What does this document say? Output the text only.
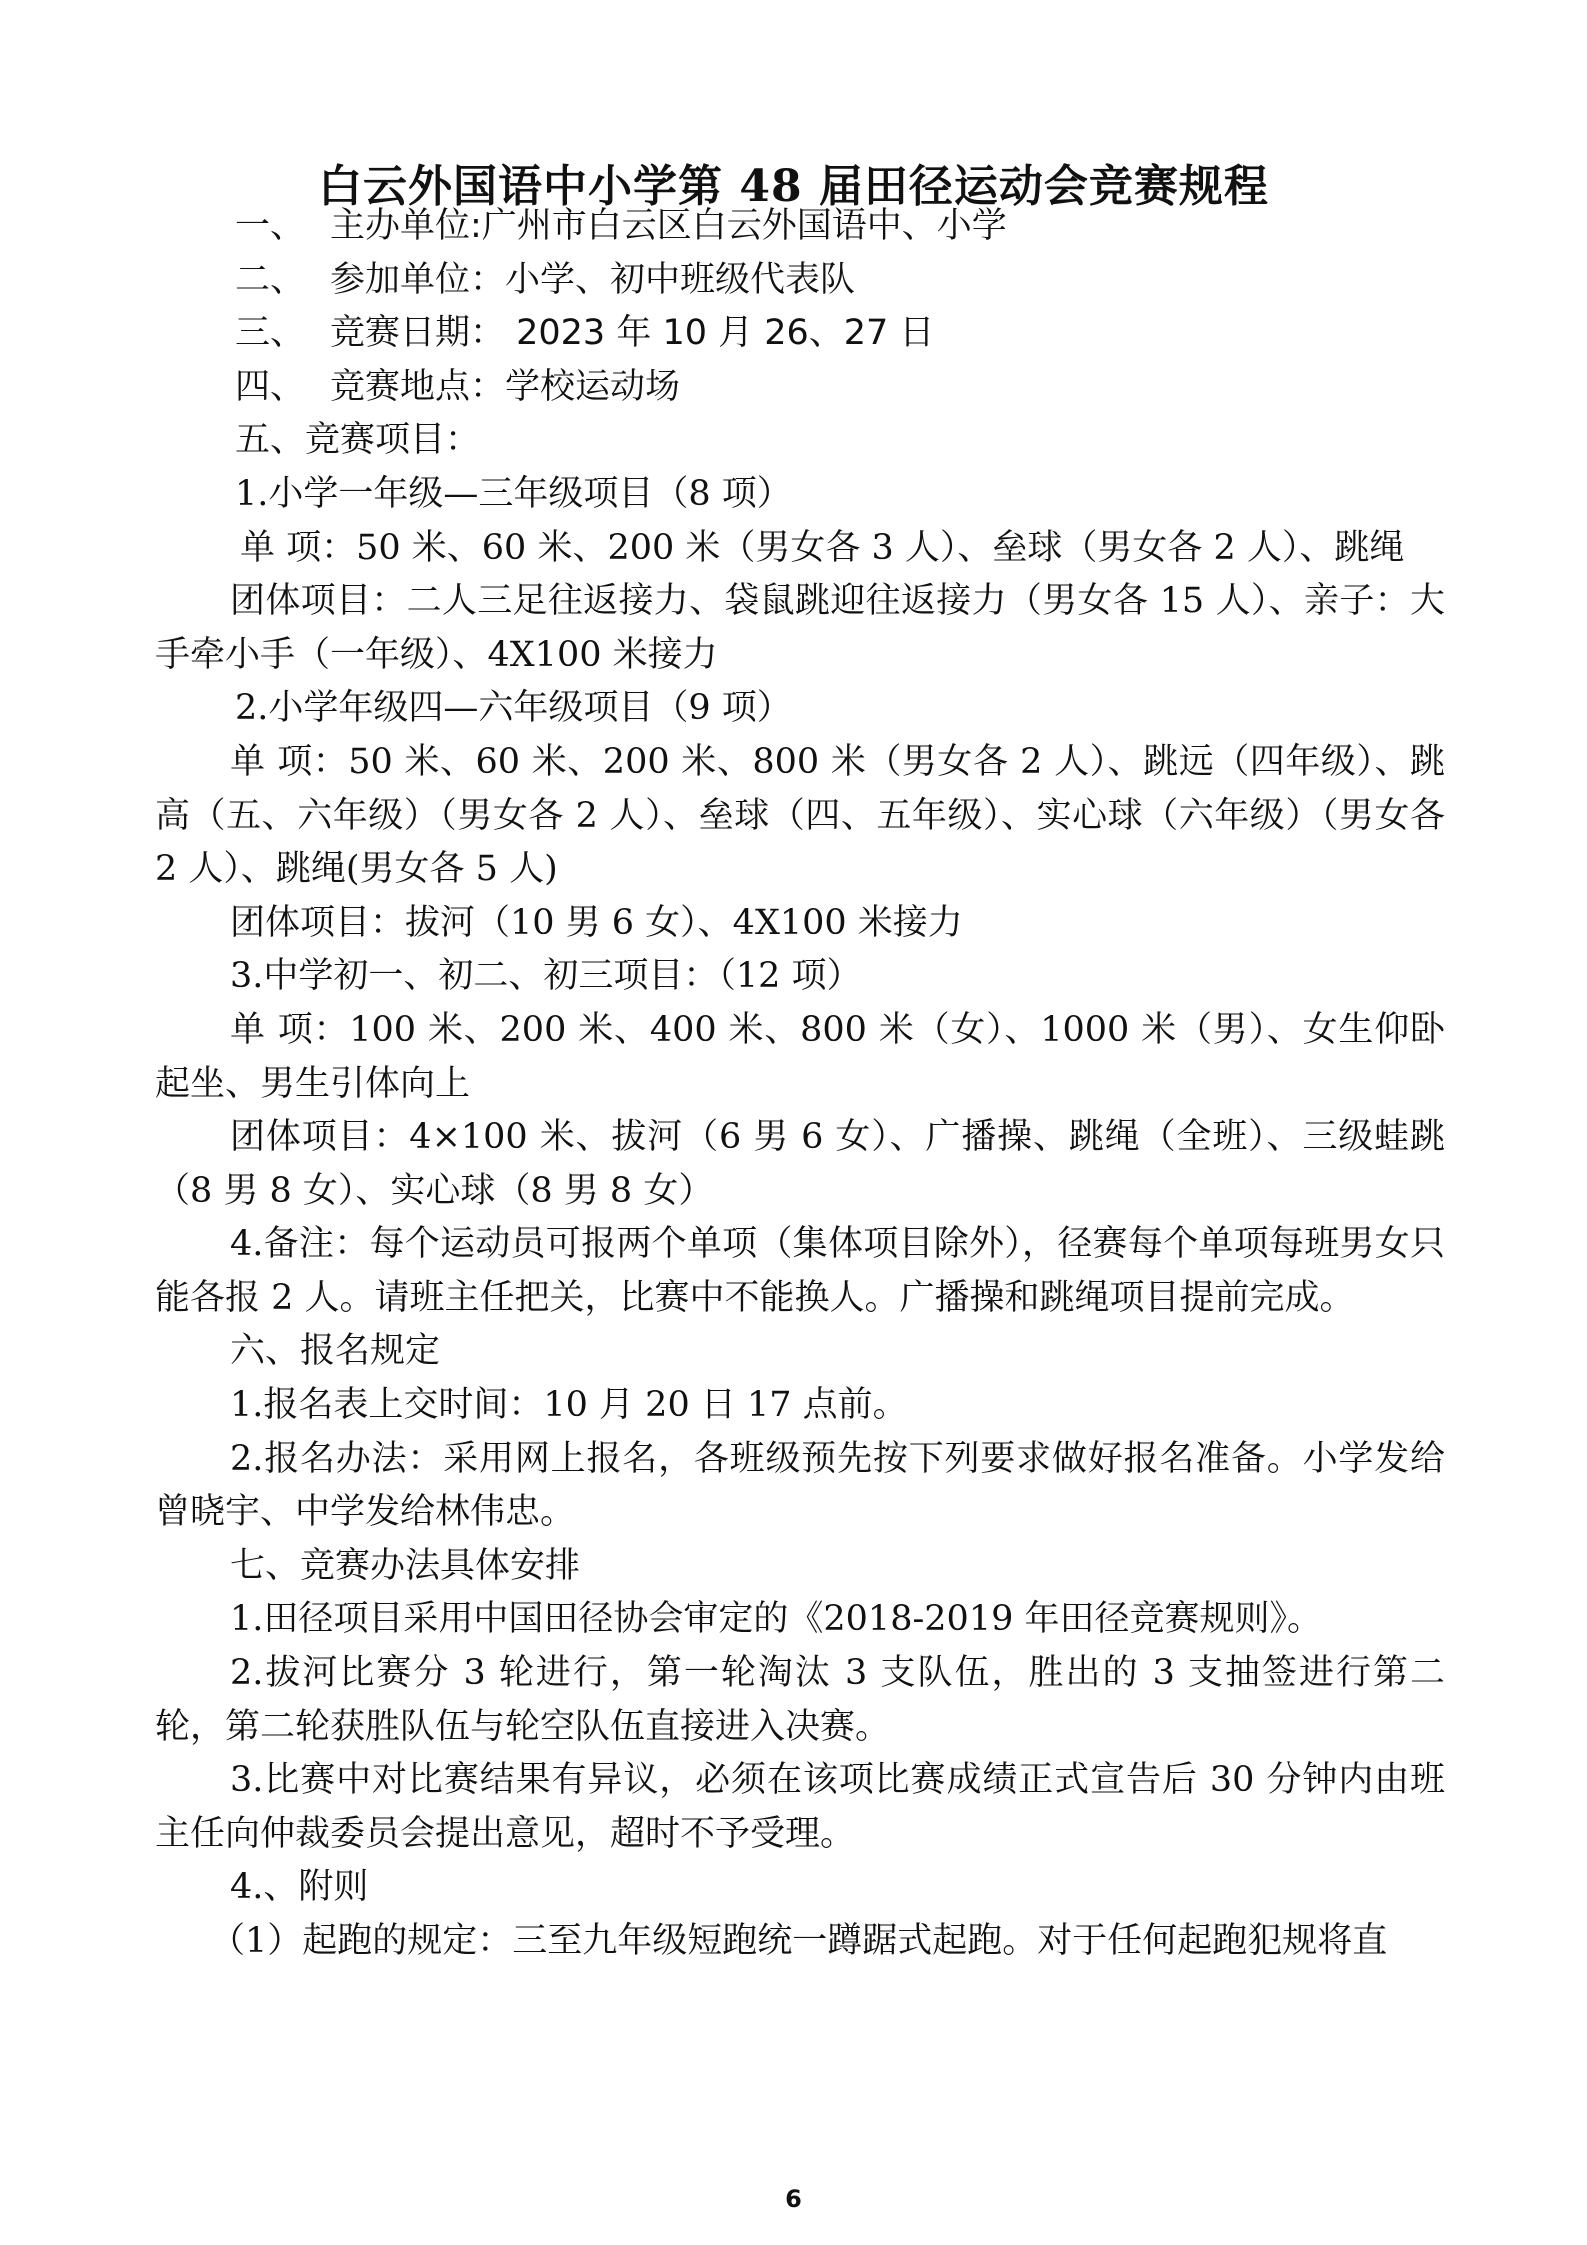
白云外国语中小学第 48 届田径运动会竞赛规程

一、 主办单位:广州市白云区白云外国语中、小学

二、 参加单位：小学、初中班级代表队

三、 竞赛日期： 2023 年 10 月 26、27 日

四、 竞赛地点：学校运动场

五、竞赛项目：

1.小学一年级—三年级项目（8 项）

单 项：50 米、60 米、200 米（男女各 3 人）、垒球（男女各 2 人）、跳绳

团体项目：二人三足往返接力、袋鼠跳迎往返接力（男女各 15 人）、亲子：大手牵小手（一年级）、4X100 米接力

2.小学年级四—六年级项目（9 项）

单 项：50 米、60 米、200 米、800 米（男女各 2 人）、跳远（四年级）、跳高（五、六年级）（男女各 2 人）、垒球（四、五年级）、实心球（六年级）（男女各 2 人）、跳绳(男女各 5 人)

团体项目：拔河（10 男 6 女）、4X100 米接力

3.中学初一、初二、初三项目：（12 项）

单 项：100 米、200 米、400 米、800 米（女）、1000 米（男）、女生仰卧起坐、男生引体向上

团体项目：4×100 米、拔河（6 男 6 女）、广播操、跳绳（全班）、三级蛙跳（8 男 8 女）、实心球（8 男 8 女）

4.备注：每个运动员可报两个单项（集体项目除外），径赛每个单项每班男女只能各报 2 人。请班主任把关，比赛中不能换人。广播操和跳绳项目提前完成。

六、报名规定

1.报名表上交时间：10 月 20 日 17 点前。

2.报名办法：采用网上报名，各班级预先按下列要求做好报名准备。小学发给曾晓宇、中学发给林伟忠。

七、竞赛办法具体安排

1.田径项目采用中国田径协会审定的《2018-2019 年田径竞赛规则》。

2.拔河比赛分 3 轮进行，第一轮淘汰 3 支队伍，胜出的 3 支抽签进行第二轮，第二轮获胜队伍与轮空队伍直接进入决赛。

3.比赛中对比赛结果有异议，必须在该项比赛成绩正式宣告后 30 分钟内由班主任向仲裁委员会提出意见，超时不予受理。

4.、附则

（1）起跑的规定：三至九年级短跑统一蹲踞式起跑。对于任何起跑犯规将直

6
